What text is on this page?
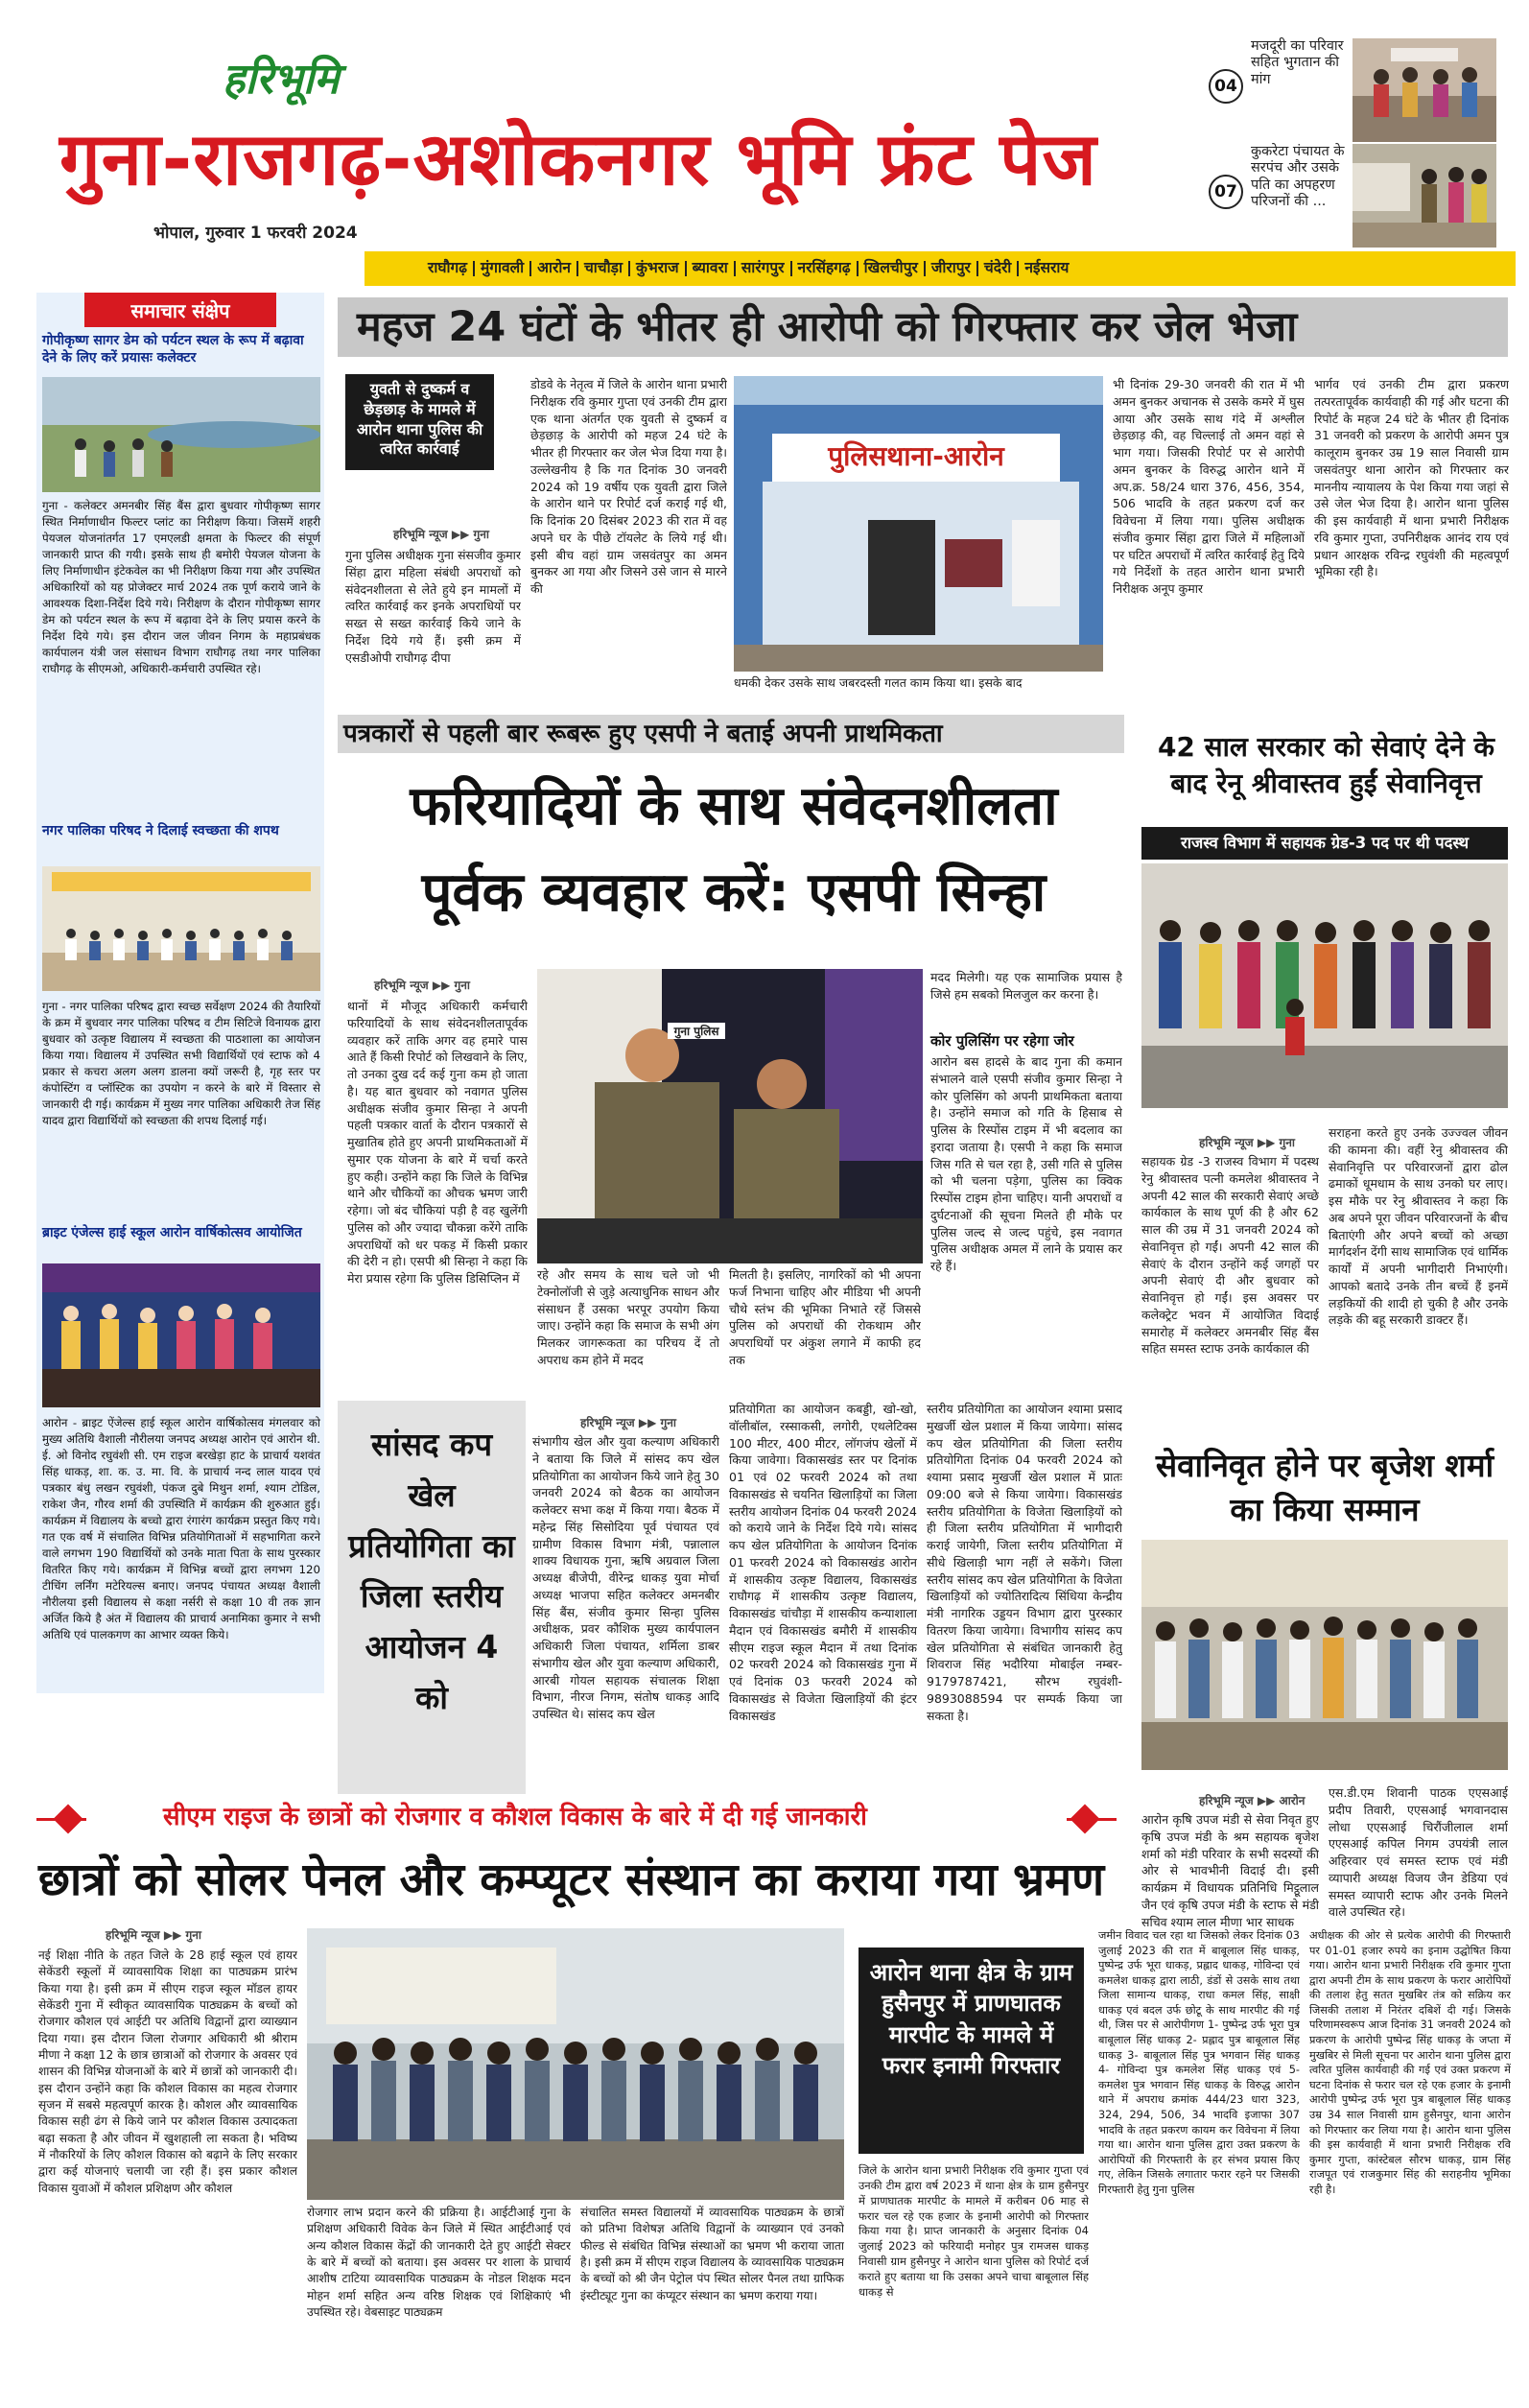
हरिभूमि
गुना-राजगढ़-अशोकनगर भूमि फ्रंट पेज
भोपाल, गुरुवार 1 फरवरी 2024
04
मजदूरी का परिवार सहित भुगतान की मांग
07
कुकरेटा पंचायत के सरपंच और उसके पति का अपहरण परिजनों की ...
राघौगढ़ मुंगावली आरोन चाचौड़ा कुंभराज ब्यावरा सारंगपुर नरसिंहगढ़ खिलचीपुर जीरापुर चंदेरी नईसराय
समाचार संक्षेप
गोपीकृष्ण सागर डेम को पर्यटन स्थल के रूप में बढ़ावा देने के लिए करें प्रयासः कलेक्टर
गुना - कलेक्टर अमनबीर सिंह बैंस द्वारा बुधवार गोपीकृष्ण सागर स्थित निर्माणाधीन फिल्टर प्लांट का निरीक्षण किया। जिसमें शहरी पेयजल योजनांतर्गत 17 एमएलडी क्षमता के फिल्टर की संपूर्ण जानकारी प्राप्त की गयी। इसके साथ ही बमोरी पेयजल योजना के लिए निर्माणाधीन इंटेकवेल का भी निरीक्षण किया गया और उपस्थित अधिकारियों को यह प्रोजेक्टर मार्च 2024 तक पूर्ण कराये जाने के आवश्यक दिशा-निर्देश दिये गये। निरीक्षण के दौरान गोपीकृष्ण सागर डेम को पर्यटन स्थल के रूप में बढ़ावा देने के लिए प्रयास करने के निर्देश दिये गये। इस दौरान जल जीवन निगम के महाप्रबंधक कार्यपालन यंत्री जल संसाधन विभाग राघौगढ़ तथा नगर पालिका राघौगढ़ के सीएमओ, अधिकारी-कर्मचारी उपस्थित रहे।
नगर पालिका परिषद ने दिलाई स्वच्छता की शपथ
गुना - नगर पालिका परिषद द्वारा स्वच्छ सर्वेक्षण 2024 की तैयारियों के क्रम में बुधवार नगर पालिका परिषद व टीम सिटिजे विनायक द्वारा बुधवार को उत्कृष्ट विद्यालय में स्वच्छता की पाठशाला का आयोजन किया गया। विद्यालय में उपस्थित सभी विद्यार्थियों एवं स्टाफ को 4 प्रकार से कचरा अलग अलग डालना क्यों जरूरी है, गृह स्तर पर कंपोस्टिंग व प्लॉस्टिक का उपयोग न करने के बारे में विस्तार से जानकारी दी गई। कार्यक्रम में मुख्य नगर पालिका अधिकारी तेज सिंह यादव द्वारा विद्यार्थियों को स्वच्छता की शपथ दिलाई गई।
ब्राइट एंजेल्स हाई स्कूल आरोन वार्षिकोत्सव आयोजित
आरोन - ब्राइट ऐंजेल्स हाई स्कूल आरोन वार्षिकोत्सव मंगलवार को मुख्य अतिथि वैशाली नौरीलया जनपद अध्यक्ष आरोन एवं आरोन थी. ई. ओ विनोद रघुवंशी सी. एम राइज बरखेड़ा हाट के प्राचार्य यशवंत सिंह धाकड़, शा. क. उ. मा. वि. के प्राचार्य नन्द लाल यादव एवं पत्रकार बंधु लखन रघुवंशी, पंकज दुबे मिथुन शर्मा, श्याम टोडिल, राकेश जैन, गौरव शर्मा की उपस्थिति में कार्यक्रम की शुरुआत हुई। कार्यक्रम में विद्यालय के बच्चो द्वारा रंगारंग कार्यक्रम प्रस्तुत किए गये। गत एक वर्ष में संचालित विभिन्न प्रतियोगिताओं में सहभागिता करने वाले लगभग 190 विद्यार्थियों को उनके माता पिता के साथ पुरस्कार वितरित किए गये। कार्यक्रम में विभिन्न बच्चों द्वारा लगभग 120 टीचिंग लर्निंग मटेरियल्स बनाए। जनपद पंचायत अध्यक्ष वैशाली नौरीलया इसी विद्यालय से कक्षा नर्सरी से कक्षा 10 वी तक ज्ञान अर्जित किये है अंत में विद्यालय की प्राचार्य अनामिका कुमार ने सभी अतिथि एवं पालकगण का आभार व्यक्त किये।
महज 24 घंटों के भीतर ही आरोपी को गिरफ्तार कर जेल भेजा
युवती से दुष्कर्म व छेड़छाड़ के मामले में आरोन थाना पुलिस की त्वरित कार्रवाई
हरिभूमि न्यूज ▶▶ गुना
गुना पुलिस अधीक्षक गुना संसजीव कुमार सिंहा द्वारा महिला संबंधी अपराधों को संवेदनशीलता से लेते हुये इन मामलों में त्वरित कार्रवाई कर इनके अपराधियों पर सख्त से सख्त कार्रवाई किये जाने के निर्देश दिये गये हैं। इसी क्रम में एसडीओपी राघौगढ़ दीपा
डोडवे के नेतृत्व में जिले के आरोन थाना प्रभारी निरीक्षक रवि कुमार गुप्ता एवं उनकी टीम द्वारा एक थाना अंतर्गत एक युवती से दुष्कर्म व छेड़छाड़ के आरोपी को महज 24 घंटे के भीतर ही गिरफ्तार कर जेल भेज दिया गया है। उल्लेखनीय है कि गत दिनांक 30 जनवरी 2024 को 19 वर्षीय एक युवती द्वारा जिले के आरोन थाने पर रिपोर्ट दर्ज कराई गई थी, कि दिनांक 20 दिसंबर 2023 की रात में वह अपने घर के पीछे टॉयलेट के लिये गई थी। इसी बीच वहां ग्राम जसवंतपुर का अमन बुनकर आ गया और जिसने उसे जान से मारने की
पुलिसथाना-आरोन
धमकी देकर उसके साथ जबरदस्ती गलत काम किया था। इसके बाद
भी दिनांक 29-30 जनवरी की रात में भी अमन बुनकर अचानक से उसके कमरे में घुस आया और उसके साथ गंदे में अश्लील छेड़छाड़ की, वह चिल्लाई तो अमन वहां से भाग गया। जिसकी रिपोर्ट पर से आरोपी अमन बुनकर के विरुद्ध आरोन थाने में अप.क्र. 58/24 धारा 376, 456, 354, 506 भादवि के तहत प्रकरण दर्ज कर विवेचना में लिया गया। पुलिस अधीक्षक संजीव कुमार सिंहा द्वारा जिले में महिलाओं पर घटित अपराधों में त्वरित कार्रवाई हेतु दिये गये निर्देशों के तहत आरोन थाना प्रभारी निरीक्षक अनूप कुमार
भार्गव एवं उनकी टीम द्वारा प्रकरण तत्परतापूर्वक कार्यवाही की गई और घटना की रिपोर्ट के महज 24 घंटे के भीतर ही दिनांक 31 जनवरी को प्रकरण के आरोपी अमन पुत्र कालूराम बुनकर उम्र 19 साल निवासी ग्राम जसवंतपुर थाना आरोन को गिरफ्तार कर माननीय न्यायालय के पेश किया गया जहां से उसे जेल भेज दिया है। आरोन थाना पुलिस की इस कार्यवाही में थाना प्रभारी निरीक्षक रवि कुमार गुप्ता, उपनिरीक्षक आनंद राय एवं प्रधान आरक्षक रविन्द्र रघुवंशी की महत्वपूर्ण भूमिका रही है।
पत्रकारों से पहली बार रूबरू हुए एसपी ने बताई अपनी प्राथमिकता
फरियादियों के साथ संवेदनशीलता
पूर्वक व्यवहार करें: एसपी सिन्हा
हरिभूमि न्यूज ▶▶ गुना
थानों में मौजूद अधिकारी कर्मचारी फरियादियों के साथ संवेदनशीलतापूर्वक व्यवहार करें ताकि अगर वह हमारे पास आते हैं किसी रिपोर्ट को लिखवाने के लिए, तो उनका दुख दर्द कई गुना कम हो जाता है। यह बात बुधवार को नवागत पुलिस अधीक्षक संजीव कुमार सिन्हा ने अपनी पहली पत्रकार वार्ता के दौरान पत्रकारों से मुखातिब होते हुए अपनी प्राथमिकताओं में सुमार एक योजना के बारे में चर्चा करते हुए कही। उन्होंने कहा कि जिले के विभिन्न थाने और चौकियों का औचक भ्रमण जारी रहेगा। जो बंद चौकियां पड़ी है वह खुलेंगी पुलिस को और ज्यादा चौकन्ना करेंगे ताकि अपराधियों को धर पकड़ में किसी प्रकार की देरी न हो। एसपी श्री सिन्हा ने कहा कि मेरा प्रयास रहेगा कि पुलिस डिसिप्लिन में
गुना पुलिस
रहे और समय के साथ चले जो भी टेक्नोलॉजी से जुड़े अत्याधुनिक साधन और संसाधन हैं उसका भरपूर उपयोग किया जाए। उन्होंने कहा कि समाज के सभी अंग मिलकर जागरूकता का परिचय दें तो अपराध कम होने में मदद
मिलती है। इसलिए, नागरिकों को भी अपना फर्ज निभाना चाहिए और मीडिया भी अपनी चौथे स्तंभ की भूमिका निभाते रहें जिससे पुलिस को अपराधों की रोकथाम और अपराधियों पर अंकुश लगाने में काफी हद तक
मदद मिलेगी। यह एक सामाजिक प्रयास है जिसे हम सबको मिलजुल कर करना है।
कोर पुलिसिंग पर रहेगा जोर
आरोन बस हादसे के बाद गुना की कमान संभालने वाले एसपी संजीव कुमार सिन्हा ने कोर पुलिसिंग को अपनी प्राथमिकता बताया है। उन्होंने समाज को गति के हिसाब से पुलिस के रिस्पोंस टाइम में भी बदलाव का इरादा जताया है। एसपी ने कहा कि समाज जिस गति से चल रहा है, उसी गति से पुलिस को भी चलना पड़ेगा, पुलिस का क्विक रिस्पोंस टाइम होना चाहिए। यानी अपराधों व दुर्घटनाओं की सूचना मिलते ही मौके पर पुलिस जल्द से जल्द पहुंचे, इस नवागत पुलिस अधीक्षक अमल में लाने के प्रयास कर रहे हैं।
42 साल सरकार को सेवाएं देने के बाद रेनू श्रीवास्तव हुईं सेवानिवृत्त
राजस्व विभाग में सहायक ग्रेड-3 पद पर थी पदस्थ
हरिभूमि न्यूज ▶▶ गुना
सहायक ग्रेड -3 राजस्व विभाग में पदस्थ रेनु श्रीवास्तव पत्नी कमलेश श्रीवास्तव ने अपनी 42 साल की सरकारी सेवाएं अच्छे कार्यकाल के साथ पूर्ण की है और 62 साल की उम्र में 31 जनवरी 2024 को सेवानिवृत्त हो गईं। अपनी 42 साल की सेवाएं के दौरान उन्होंने कई जगहों पर अपनी सेवाएं दी और बुधवार को सेवानिवृत्त हो गईं। इस अवसर पर कलेक्ट्रेट भवन में आयोजित विदाई समारोह में कलेक्टर अमनबीर सिंह बैंस सहित समस्त स्टाफ उनके कार्यकाल की
सराहना करते हुए उनके उज्ज्वल जीवन की कामना की। वहीं रेनु श्रीवास्तव की सेवानिवृत्ति पर परिवारजनों द्वारा ढोल ढमाकों धूमधाम के साथ उनको घर लाए। इस मौके पर रेनु श्रीवास्तव ने कहा कि अब अपने पूरा जीवन परिवारजनों के बीच बिताएंगी और अपने बच्चों को अच्छा मार्गदर्शन देंगी साथ सामाजिक एवं धार्मिक कार्यों में अपनी भागीदारी निभाएंगी। आपको बतादे उनके तीन बच्चें हैं इनमें लड़कियों की शादी हो चुकी है और उनके लड़के की बहू सरकारी डाक्टर हैं।
सांसद कप खेल प्रतियोगिता का जिला स्तरीय आयोजन 4 को
हरिभूमि न्यूज ▶▶ गुना
संभागीय खेल और युवा कल्याण अधिकारी ने बताया कि जिले में सांसद कप खेल प्रतियोगिता का आयोजन किये जाने हेतु 30 जनवरी 2024 को बैठक का आयोजन कलेक्टर सभा कक्ष में किया गया। बैठक में महेन्द्र सिंह सिसोदिया पूर्व पंचायत एवं ग्रामीण विकास विभाग मंत्री, पन्नालाल शाक्य विधायक गुना, ऋषि अग्रवाल जिला अध्यक्ष बीजेपी, वीरेन्द्र धाकड़ युवा मोर्चा अध्यक्ष भाजपा सहित कलेक्टर अमनबीर सिंह बैंस, संजीव कुमार सिन्हा पुलिस अधीक्षक, प्रवर कौशिक मुख्य कार्यपालन अधिकारी जिला पंचायत, शर्मिला डाबर संभागीय खेल और युवा कल्याण अधिकारी, आरबी गोयल सहायक संचालक शिक्षा विभाग, नीरज निगम, संतोष धाकड़ आदि उपस्थित थे। सांसद कप खेल
प्रतियोगिता का आयोजन कबड्डी, खो-खो, वॉलीबॉल, रस्साकसी, लगोरी, एथलेटिक्स 100 मीटर, 400 मीटर, लॉगजंप खेलों में किया जावेगा। विकासखंड स्तर पर दिनांक 01 एवं 02 फरवरी 2024 को तथा विकासखंड से चयनित खिलाड़ियों का जिला स्तरीय आयोजन दिनांक 04 फरवरी 2024 को कराये जाने के निर्देश दिये गये। सांसद कप खेल प्रतियोगिता के आयोजन दिनांक 01 फरवरी 2024 को विकासखंड आरोन में शासकीय उत्कृष्ट विद्यालय, विकासखंड राघौगढ़ में शासकीय उत्कृष्ट विद्यालय, विकासखंड चांचौड़ा में शासकीय कन्याशाला मैदान एवं विकासखंड बमौरी में शासकीय सीएम राइज स्कूल मैदान में तथा दिनांक 02 फरवरी 2024 को विकासखंड गुना में एवं दिनांक 03 फरवरी 2024 को विकासखंड से विजेता खिलाड़ियों की इंटर विकासखंड
स्तरीय प्रतियोगिता का आयोजन श्यामा प्रसाद मुखर्जी खेल प्रशाल में किया जायेगा। सांसद कप खेल प्रतियोगिता की जिला स्तरीय प्रतियोगिता दिनांक 04 फरवरी 2024 को श्यामा प्रसाद मुखर्जी खेल प्रशाल में प्रातः 09:00 बजे से किया जायेगा। विकासखंड स्तरीय प्रतियोगिता के विजेता खिलाड़ियों को ही जिला स्तरीय प्रतियोगिता में भागीदारी कराई जायेगी, जिला स्तरीय प्रतियोगिता में सीधे खिलाड़ी भाग नहीं ले सकेंगे। जिला स्तरीय सांसद कप खेल प्रतियोगिता के विजेता खिलाड़ियों को ज्योतिरादित्य सिंधिया केन्द्रीय मंत्री नागरिक उड्डयन विभाग द्वारा पुरस्कार वितरण किया जायेगा। विभागीय सांसद कप खेल प्रतियोगिता से संबंधित जानकारी हेतु शिवराज सिंह भदौरिया मोबाईल नम्बर- 9179787421, सौरभ रघुवंशी- 9893088594 पर सम्पर्क किया जा सकता है।
सेवानिवृत होने पर बृजेश शर्मा का किया सम्मान
हरिभूमि न्यूज ▶▶ आरोन
आरोन कृषि उपज मंडी से सेवा निवृत हुए कृषि उपज मंडी के श्रम सहायक बृजेश शर्मा को मंडी परिवार के सभी सदस्यों की ओर से भावभीनी विदाई दी। इसी कार्यक्रम में विधायक प्रतिनिधि मिट्ठूलाल जैन एवं कृषि उपज मंडी के स्टाफ से मंडी सचिव श्याम लाल मीणा भार साधक
एस.डी.एम शिवानी पाठक एएसआई प्रदीप तिवारी, एएसआई भगवानदास लोधा एएसआई चिरौंजीलाल शर्मा एएसआई कपिल निगम उपयंत्री लाल अहिरवार एवं समस्त स्टाफ एवं मंडी व्यापारी अध्यक्ष विजय जैन डेडिया एवं समस्त व्यापारी स्टाफ और उनके मिलने वाले उपस्थित रहे।
सीएम राइज के छात्रों को रोजगार व कौशल विकास के बारे में दी गई जानकारी
छात्रों को सोलर पेनल और कम्प्यूटर संस्थान का कराया गया भ्रमण
हरिभूमि न्यूज ▶▶ गुना
नई शिक्षा नीति के तहत जिले के 28 हाई स्कूल एवं हायर सेकेंडरी स्कूलों में व्यावसायिक शिक्षा का पाठ्यक्रम प्रारंभ किया गया है। इसी क्रम में सीएम राइज स्कूल मॉडल हायर सेकेंडरी गुना में स्वीकृत व्यावसायिक पाठ्यक्रम के बच्चों को रोजगार कौशल एवं आईटी पर अतिथि विद्वानों द्वारा व्याख्यान दिया गया। इस दौरान जिला रोजगार अधिकारी श्री श्रीराम मीणा ने कक्षा 12 के छात्र छात्राओं को रोजगार के अवसर एवं शासन की विभिन्न योजनाओं के बारे में छात्रों को जानकारी दी। इस दौरान उन्होंने कहा कि कौशल विकास का महत्व रोजगार सृजन में सबसे महत्वपूर्ण कारक है। कौशल और व्यावसायिक विकास सही ढंग से किये जाने पर कौशल विकास उत्पादकता बढ़ा सकता है और जीवन में खुशहाली ला सकता है। भविष्य में नौकरियों के लिए कौशल विकास को बढ़ाने के लिए सरकार द्वारा कई योजनाएं चलायी जा रही हैं। इस प्रकार कौशल विकास युवाओं में कौशल प्रशिक्षण और कौशल
रोजगार लाभ प्रदान करने की प्रक्रिया है। आईटीआई गुना के प्रशिक्षण अधिकारी विवेक केन जिले में स्थित आईटीआई एवं अन्य कौशल विकास केंद्रों की जानकारी देते हुए आईटी सेक्टर के बारे में बच्चों को बताया। इस अवसर पर शाला के प्राचार्य आशीष टाटिया व्यावसायिक पाठ्यक्रम के नोडल शिक्षक मदन मोहन शर्मा सहित अन्य वरिष्ठ शिक्षक एवं शिक्षिकाएं भी उपस्थित रहे। वेबसाइट पाठ्यक्रम
संचालित समस्त विद्यालयों में व्यावसायिक पाठ्यक्रम के छात्रों को प्रतिभा विशेषज्ञ अतिथि विद्वानों के व्याख्यान एवं उनको फील्ड से संबंधित विभिन्न संस्थाओं का भ्रमण भी कराया जाता है। इसी क्रम में सीएम राइज विद्यालय के व्यावसायिक पाठ्यक्रम के बच्चों को श्री जैन पेट्रोल पंप स्थित सोलर पैनल तथा ग्राफिक इंस्टीट्यूट गुना का कंप्यूटर संस्थान का भ्रमण कराया गया।
आरोन थाना क्षेत्र के ग्राम हुसैनपुर में प्राणघातक मारपीट के मामले में फरार इनामी गिरफ्तार
जिले के आरोन थाना प्रभारी निरीक्षक रवि कुमार गुप्ता एवं उनकी टीम द्वारा वर्ष 2023 में थाना क्षेत्र के ग्राम हुसैनपुर में प्राणघातक मारपीट के मामले में करीबन 06 माह से फरार चल रहे एक हजार के इनामी आरोपी को गिरफ्तार किया गया है। प्राप्त जानकारी के अनुसार दिनांक 04 जुलाई 2023 को फरियादी मनोहर पुत्र रामजस धाकड़ निवासी ग्राम हुसैनपुर ने आरोन थाना पुलिस को रिपोर्ट दर्ज कराते हुए बताया था कि उसका अपने चाचा बाबूलाल सिंह धाकड़ से
जमीन विवाद चल रहा था जिसको लेकर दिनांक 03 जुलाई 2023 की रात में बाबूलाल सिंह धाकड़, पुष्पेन्द्र उर्फ भूरा धाकड़, प्रह्लाद धाकड़, गोविन्दा एवं कमलेश धाकड़ द्वारा लाठी, डंडों से उसके साथ तथा जिला सामान्य धाकड़, राधा कमल सिंह, साक्षी धाकड़ एवं बदल उर्फ छोटू के साथ मारपीट की गई थी, जिस पर से आरोपीगण 1- पुष्पेन्द्र उर्फ भूरा पुत्र बाबूलाल सिंह धाकड़ 2- प्रह्लाद पुत्र बाबूलाल सिंह धाकड़ 3- बाबूलाल सिंह पुत्र भगवान सिंह धाकड़ 4- गोविन्दा पुत्र कमलेश सिंह धाकड़ एवं 5- कमलेश पुत्र भगवान सिंह धाकड़ के विरुद्ध आरोन थाने में अपराध क्रमांक 444/23 धारा 323, 324, 294, 506, 34 भादवि इजाफा 307 भादवि के तहत प्रकरण कायम कर विवेचना में लिया गया था। आरोन थाना पुलिस द्वारा उक्त प्रकरण के आरोपियों की गिरफ्तारी के हर संभव प्रयास किए गए, लेकिन जिसके लगातार फरार रहने पर जिसकी गिरफ्तारी हेतु गुना पुलिस
अधीक्षक की ओर से प्रत्येक आरोपी की गिरफ्तारी पर 01-01 हजार रुपये का इनाम उद्घोषित किया गया। आरोन थाना प्रभारी निरीक्षक रवि कुमार गुप्ता द्वारा अपनी टीम के साथ प्रकरण के फरार आरोपियों की तलाश हेतु सतत मुखबिर तंत्र को सक्रिय कर जिसकी तलाश में निरंतर दबिशें दी गई। जिसके परिणामस्वरूप आज दिनांक 31 जनवरी 2024 को प्रकरण के आरोपी पुष्पेन्द्र सिंह धाकड़ के जप्ता में मुखबिर से मिली सूचना पर आरोन थाना पुलिस द्वारा त्वरित पुलिस कार्यवाही की गई एवं उक्त प्रकरण में घटना दिनांक से फरार चल रहे एक हजार के इनामी आरोपी पुष्पेन्द्र उर्फ भूरा पुत्र बाबूलाल सिंह धाकड़ उम्र 34 साल निवासी ग्राम हुसैनपुर, थाना आरोन को गिरफ्तार कर लिया गया है। आरोन थाना पुलिस की इस कार्यवाही में थाना प्रभारी निरीक्षक रवि कुमार गुप्ता, कांस्टेबल सौरभ धाकड़, ग्राम सिंह राजपूत एवं राजकुमार सिंह की सराहनीय भूमिका रही है।
